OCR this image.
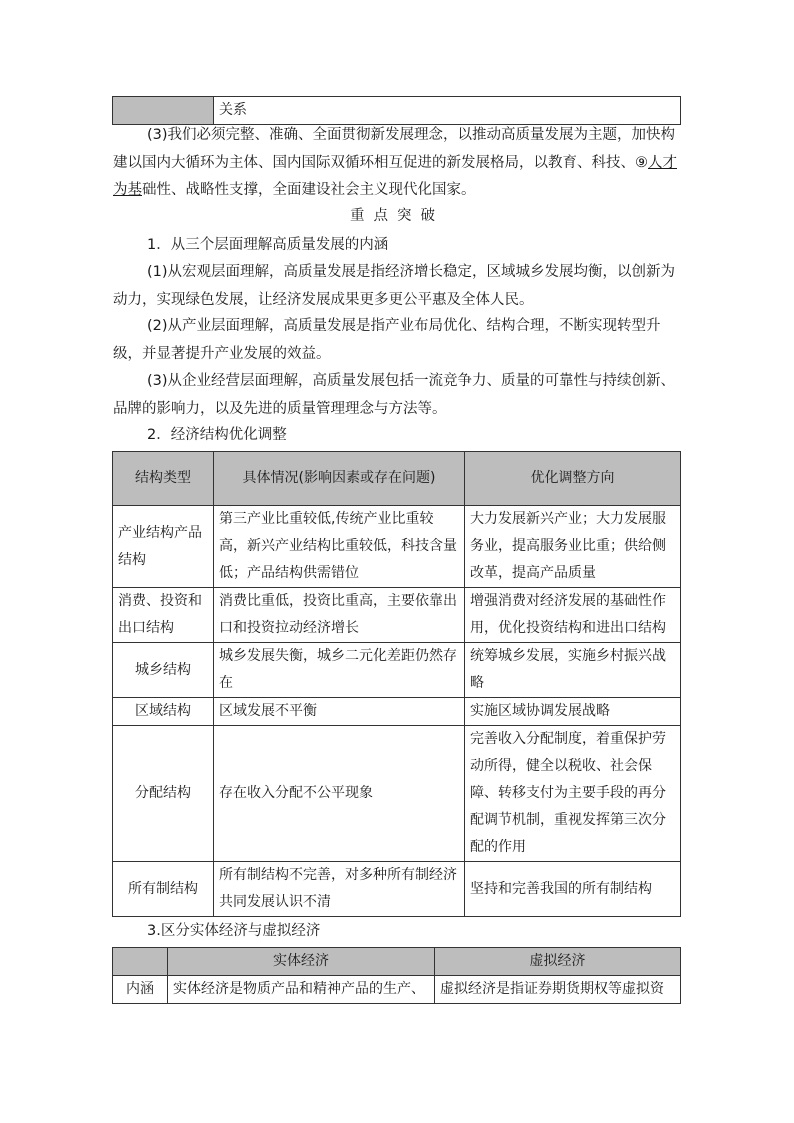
	关系
(3)我们必须完整、准确、全面贯彻新发展理念，以推动高质量发展为主题，加快构建以国内大循环为主体、国内国际双循环相互促进的新发展格局，以教育、科技、⑨人才为基础性、战略性支撑，全面建设社会主义现代化国家。
重点突破
1．从三个层面理解高质量发展的内涵
(1)从宏观层面理解，高质量发展是指经济增长稳定，区域城乡发展均衡，以创新为动力，实现绿色发展，让经济发展成果更多更公平惠及全体人民。
(2)从产业层面理解，高质量发展是指产业布局优化、结构合理，不断实现转型升级，并显著提升产业发展的效益。
(3)从企业经营层面理解，高质量发展包括一流竞争力、质量的可靠性与持续创新、品牌的影响力，以及先进的质量管理理念与方法等。
2．经济结构优化调整
结构类型	具体情况(影响因素或存在问题)	优化调整方向
产业结构产品结构	第三产业比重较低,传统产业比重较高，新兴产业结构比重较低，科技含量低；产品结构供需错位	大力发展新兴产业；大力发展服务业，提高服务业比重；供给侧改革，提高产品质量
消费、投资和出口结构	消费比重低，投资比重高，主要依靠出口和投资拉动经济增长	增强消费对经济发展的基础性作用，优化投资结构和进出口结构
城乡结构	城乡发展失衡，城乡二元化差距仍然存在	统筹城乡发展，实施乡村振兴战略
区域结构	区域发展不平衡	实施区域协调发展战略
分配结构	存在收入分配不公平现象	完善收入分配制度，着重保护劳动所得，健全以税收、社会保障、转移支付为主要手段的再分配调节机制，重视发挥第三次分配的作用
所有制结构	所有制结构不完善，对多种所有制经济共同发展认识不清	坚持和完善我国的所有制结构
3.区分实体经济与虚拟经济
	实体经济	虚拟经济
内涵	实体经济是物质产品和精神产品的生产、	虚拟经济是指证券期货期权等虚拟资
